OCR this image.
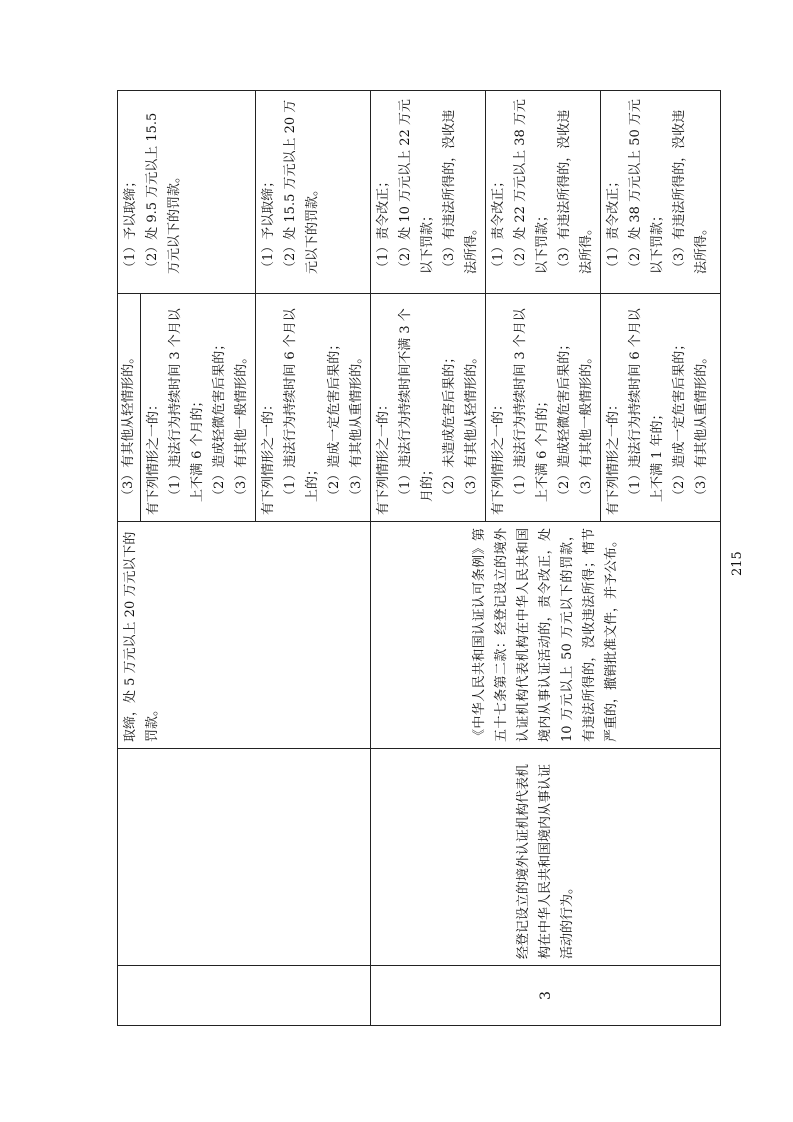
		取缔，处 5 万元以上 20 万元以下的罚款。	（3）有其他从轻情形的。	（1）予以取缔； （2）处 9.5 万元以上 15.5 万元以下的罚款。

			有下列情形之一的： （1）违法行为持续时间 3 个月以上不满 6 个月的； （2）造成轻微危害后果的； （3）有其他一般情形的。	

			有下列情形之一的： （1）违法行为持续时间 6 个月以上的； （2）造成一定危害后果的； （3）有其他从重情形的。	（1）予以取缔； （2）处 15.5 万元以上 20 万元以下的罚款。

3	经登记设立的境外认证机构代表机构在中华人民共和国境内从事认证活动的行为。	《中华人民共和国认证认可条例》第五十七条第二款：经登记设立的境外认证机构代表机构在中华人民共和国境内从事认证活动的，责令改正，处 10 万元以上 50 万元以下的罚款，有违法所得的，没收违法所得；情节严重的，撤销批准文件，并予公布。	有下列情形之一的： （1）违法行为持续时间不满 3 个月的； （2）未造成危害后果的； （3）有其他从轻情形的。	（1）责令改正； （2）处 10 万元以上 22 万元以下罚款； （3）有违法所得的，没收违法所得。

			有下列情形之一的： （1）违法行为持续时间 3 个月以上不满 6 个月的； （2）造成轻微危害后果的； （3）有其他一般情形的。	（1）责令改正； （2）处 22 万元以上 38 万元以下罚款； （3）有违法所得的，没收违法所得。

			有下列情形之一的： （1）违法行为持续时间 6 个月以上不满 1 年的； （2）造成一定危害后果的； （3）有其他从重情形的。	（1）责令改正； （2）处 38 万元以上 50 万元以下罚款； （3）有违法所得的，没收违法所得。
215
